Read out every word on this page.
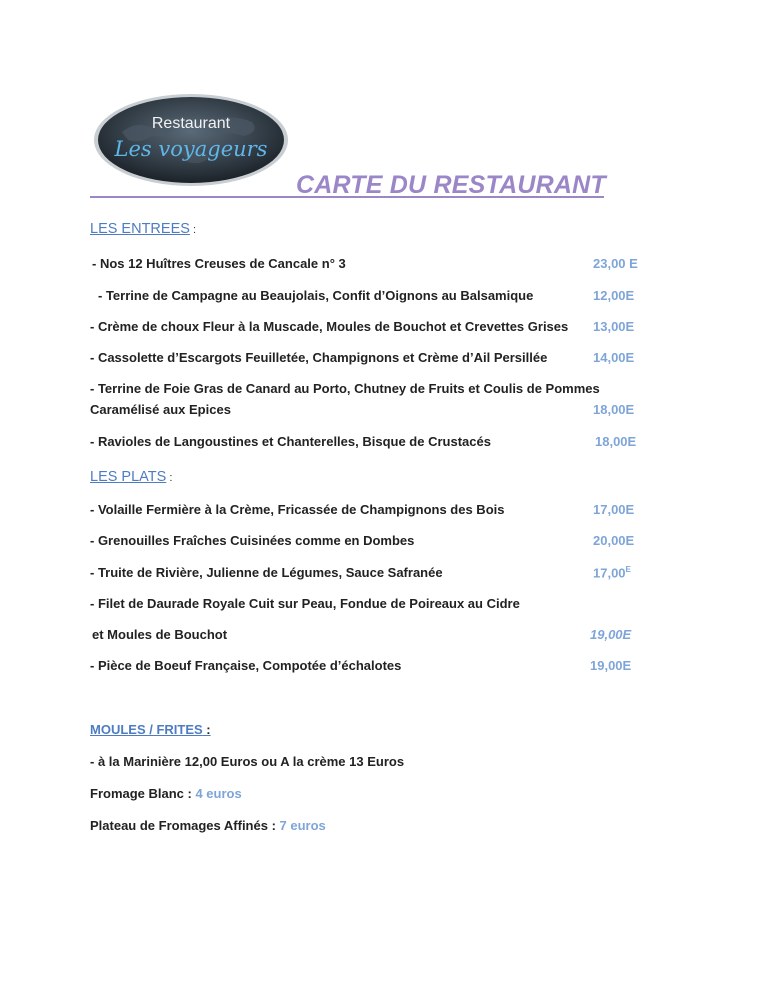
Restaurant
Les voyageurs
CARTE DU RESTAURANT
LES ENTREES :
- Nos 12 Huîtres Creuses de Cancale n° 3	23,00 E
- Terrine de Campagne au Beaujolais, Confit d’Oignons au Balsamique	12,00E
- Crème de choux Fleur à la Muscade, Moules de Bouchot et Crevettes Grises 13,00E
- Cassolette d’Escargots Feuilletée, Champignons et Crème d’Ail Persillée	14,00E
- Terrine de Foie Gras de Canard au Porto, Chutney de Fruits et Coulis de Pommes
Caramélisé aux Epices	18,00E
- Ravioles de Langoustines et Chanterelles, Bisque de Crustacés	18,00E
LES PLATS :
- Volaille Fermière à la Crème, Fricassée de Champignons des Bois	17,00E
- Grenouilles Fraîches Cuisinées comme en Dombes	20,00E
- Truite de Rivière, Julienne de Légumes, Sauce Safranée	$17,00^E$
- Filet de Daurade Royale Cuit sur Peau, Fondue de Poireaux au Cidre
et Moules de Bouchot	19,00E
- Pièce de Boeuf Française, Compotée d’échalotes	19,00E
MOULES / FRITES :
- à la Marinière 12,00 Euros ou A la crème 13 Euros
Fromage Blanc : 4 euros
Plateau de Fromages Affinés : 7 euros
